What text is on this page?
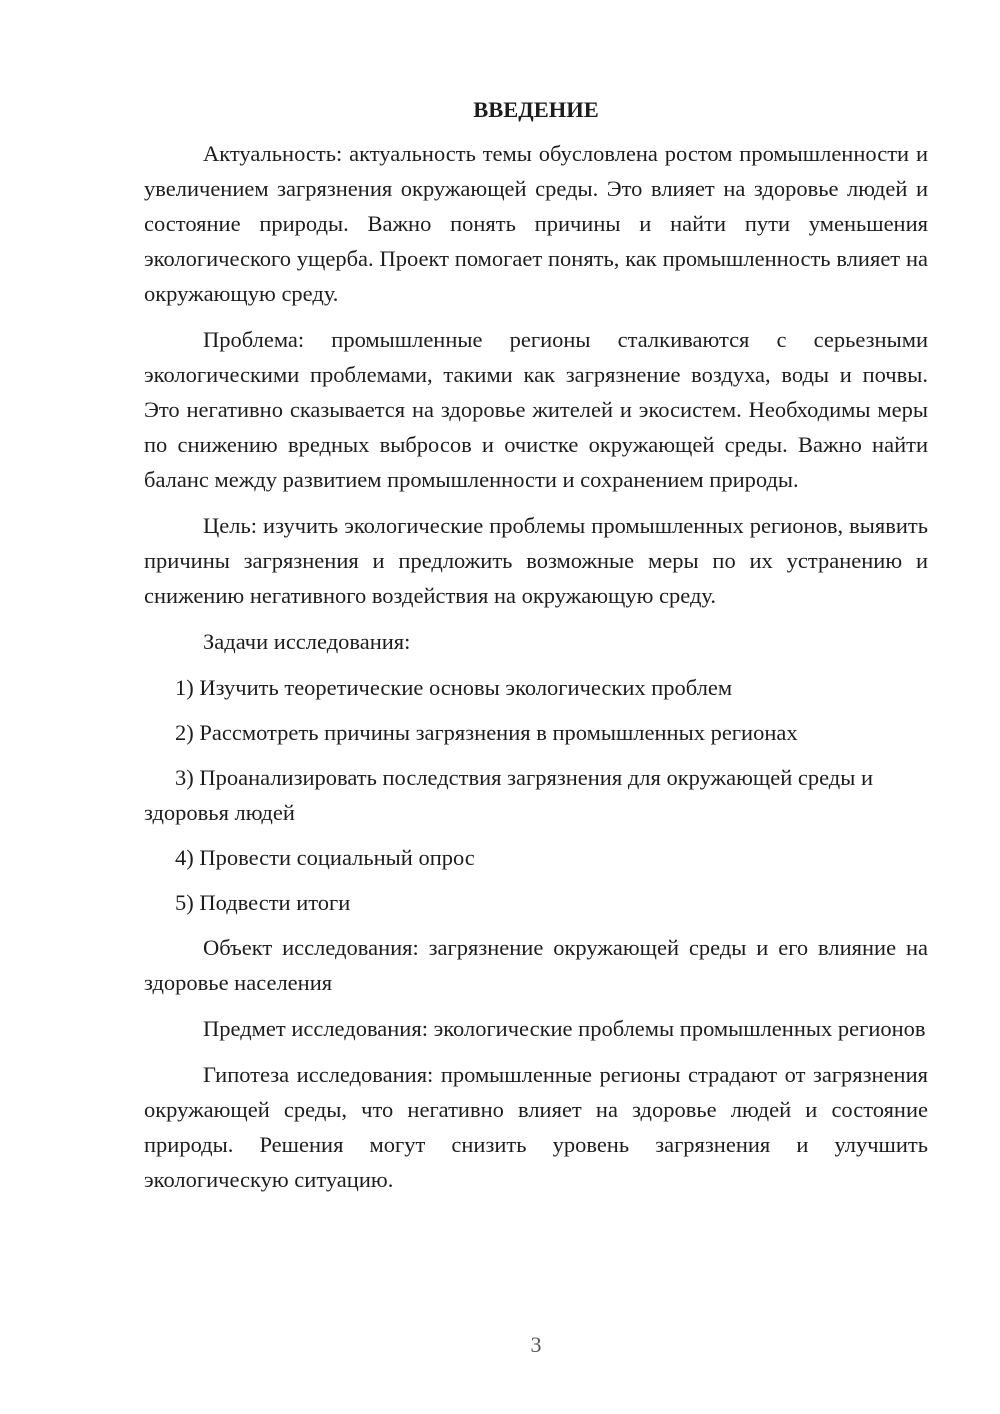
ВВЕДЕНИЕ

Актуальность: актуальность темы обусловлена ростом промышленности и увеличением загрязнения окружающей среды. Это влияет на здоровье людей и состояние природы. Важно понять причины и найти пути уменьшения экологического ущерба. Проект помогает понять, как промышленность влияет на окружающую среду.

Проблема: промышленные регионы сталкиваются с серьезными экологическими проблемами, такими как загрязнение воздуха, воды и почвы. Это негативно сказывается на здоровье жителей и экосистем. Необходимы меры по снижению вредных выбросов и очистке окружающей среды. Важно найти баланс между развитием промышленности и сохранением природы.

Цель: изучить экологические проблемы промышленных регионов, выявить причины загрязнения и предложить возможные меры по их устранению и снижению негативного воздействия на окружающую среду.

Задачи исследования:

1) Изучить теоретические основы экологических проблем

2) Рассмотреть причины загрязнения в промышленных регионах

3) Проанализировать последствия загрязнения для окружающей среды и здоровья людей

4) Провести социальный опрос

5) Подвести итоги

Объект исследования: загрязнение окружающей среды и его влияние на здоровье населения

Предмет исследования: экологические проблемы промышленных регионов

Гипотеза исследования: промышленные регионы страдают от загрязнения окружающей среды, что негативно влияет на здоровье людей и состояние природы. Решения могут снизить уровень загрязнения и улучшить экологическую ситуацию.

3
